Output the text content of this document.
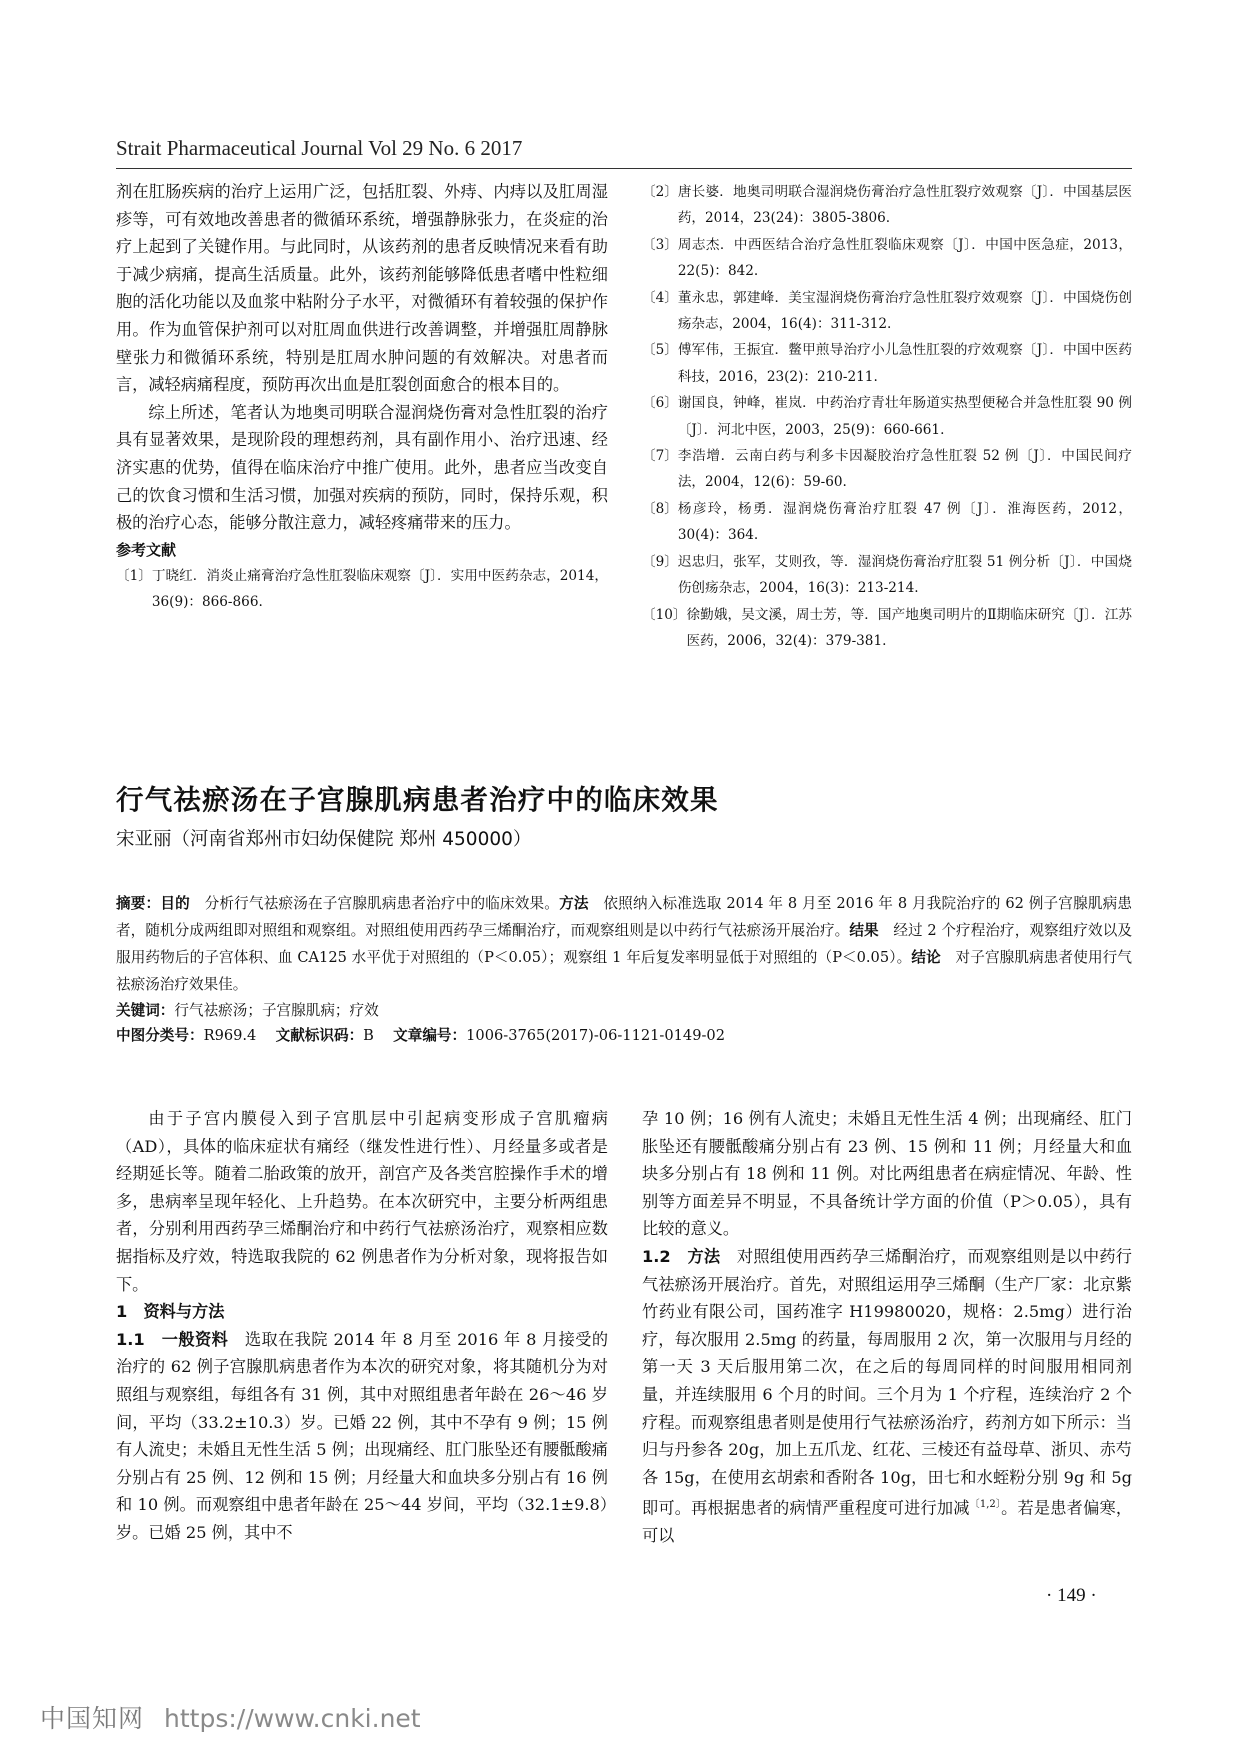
Strait Pharmaceutical Journal Vol 29 No. 6 2017

剂在肛肠疾病的治疗上运用广泛，包括肛裂、外痔、内痔以及肛周湿疹等，可有效地改善患者的微循环系统，增强静脉张力，在炎症的治疗上起到了关键作用。与此同时，从该药剂的患者反映情况来看有助于减少病痛，提高生活质量。此外，该药剂能够降低患者嗜中性粒细胞的活化功能以及血浆中粘附分子水平，对微循环有着较强的保护作用。作为血管保护剂可以对肛周血供进行改善调整，并增强肛周静脉壁张力和微循环系统，特别是肛周水肿问题的有效解决。对患者而言，减轻病痛程度，预防再次出血是肛裂创面愈合的根本目的。

综上所述，笔者认为地奥司明联合湿润烧伤膏对急性肛裂的治疗具有显著效果，是现阶段的理想药剂，具有副作用小、治疗迅速、经济实惠的优势，值得在临床治疗中推广使用。此外，患者应当改变自己的饮食习惯和生活习惯，加强对疾病的预防，同时，保持乐观，积极的治疗心态，能够分散注意力，减轻疼痛带来的压力。

参考文献
〔1〕 丁晓红．消炎止痛膏治疗急性肛裂临床观察〔J〕．实用中医药杂志，2014，36(9)：866-866.
〔2〕 唐长婆．地奥司明联合湿润烧伤膏治疗急性肛裂疗效观察〔J〕．中国基层医药，2014，23(24)：3805-3806.
〔3〕 周志杰．中西医结合治疗急性肛裂临床观察〔J〕．中国中医急症，2013，22(5)：842.
〔4〕 董永忠，郭建峰．美宝湿润烧伤膏治疗急性肛裂疗效观察〔J〕．中国烧伤创疡杂志，2004，16(4)：311-312.
〔5〕 傅军伟，王振宜．鳖甲煎导治疗小儿急性肛裂的疗效观察〔J〕．中国中医药科技，2016，23(2)：210-211.
〔6〕 谢国良，钟峰，崔岚．中药治疗青壮年肠道实热型便秘合并急性肛裂 90 例〔J〕．河北中医，2003，25(9)：660-661.
〔7〕 李浩增．云南白药与利多卡因凝胶治疗急性肛裂 52 例〔J〕．中国民间疗法，2004，12(6)：59-60.
〔8〕 杨彦玲，杨勇．湿润烧伤膏治疗肛裂 47 例〔J〕．淮海医药，2012，30(4)：364.
〔9〕 迟忠归，张军，艾则孜，等．湿润烧伤膏治疗肛裂 51 例分析〔J〕．中国烧伤创疡杂志，2004，16(3)：213-214.
〔10〕 徐勤娥，吴文溪，周士芳，等．国产地奥司明片的Ⅱ期临床研究〔J〕．江苏医药，2006，32(4)：379-381.
行气祛瘀汤在子宫腺肌病患者治疗中的临床效果
宋亚丽（河南省郑州市妇幼保健院 郑州 450000）
摘要：目的　 分析行气祛瘀汤在子宫腺肌病患者治疗中的临床效果。方法　 依照纳入标准选取 2014 年 8 月至 2016 年 8 月我院治疗的 62 例子宫腺肌病患者，随机分成两组即对照组和观察组。对照组使用西药孕三烯酮治疗，而观察组则是以中药行气祛瘀汤开展治疗。结果　 经过 2 个疗程治疗，观察组疗效以及服用药物后的子宫体积、血 CA125 水平优于对照组的（P＜0.05）；观察组 1 年后复发率明显低于对照组的（P＜0.05）。结论　 对子宫腺肌病患者使用行气祛瘀汤治疗效果佳。
关键词：行气祛瘀汤；子宫腺肌病；疗效
中图分类号：R969.4　 文献标识码：B　 文章编号：1006-3765(2017)-06-1121-0149-02

由于子宫内膜侵入到子宫肌层中引起病变形成子宫肌瘤病（AD），具体的临床症状有痛经（继发性进行性）、月经量多或者是经期延长等。随着二胎政策的放开，剖宫产及各类宫腔操作手术的增多，患病率呈现年轻化、上升趋势。在本次研究中，主要分析两组患者，分别利用西药孕三烯酮治疗和中药行气祛瘀汤治疗，观察相应数据指标及疗效，特选取我院的 62 例患者作为分析对象，现将报告如下。

1　资料与方法

1.1　一般资料　 选取在我院 2014 年 8 月至 2016 年 8 月接受的治疗的 62 例子宫腺肌病患者作为本次的研究对象，将其随机分为对照组与观察组，每组各有 31 例，其中对照组患者年龄在 26～46 岁间，平均（33.2±10.3）岁。已婚 22 例，其中不孕有 9 例；15 例有人流史；未婚且无性生活 5 例；出现痛经、肛门胀坠还有腰骶酸痛分别占有 25 例、12 例和 15 例；月经量大和血块多分别占有 16 例和 10 例。而观察组中患者年龄在 25～44 岁间，平均（32.1±9.8）岁。已婚 25 例，其中不

孕 10 例；16 例有人流史；未婚且无性生活 4 例；出现痛经、肛门胀坠还有腰骶酸痛分别占有 23 例、15 例和 11 例；月经量大和血块多分别占有 18 例和 11 例。对比两组患者在病症情况、年龄、性别等方面差异不明显，不具备统计学方面的价值（P＞0.05），具有比较的意义。

1.2　方法　 对照组使用西药孕三烯酮治疗，而观察组则是以中药行气祛瘀汤开展治疗。首先，对照组运用孕三烯酮（生产厂家：北京紫竹药业有限公司，国药准字 H19980020，规格：2.5mg）进行治疗，每次服用 2.5mg 的药量，每周服用 2 次，第一次服用与月经的第一天 3 天后服用第二次，在之后的每周同样的时间服用相同剂量，并连续服用 6 个月的时间。三个月为 1 个疗程，连续治疗 2 个疗程。而观察组患者则是使用行气祛瘀汤治疗，药剂方如下所示：当归与丹参各 20g，加上五爪龙、红花、三棱还有益母草、浙贝、赤芍各 15g，在使用玄胡索和香附各 10g，田七和水蛭粉分别 9g 和 5g 即可。再根据患者的病情严重程度可进行加减$^{〔1,2〕}$。若是患者偏寒，可以

· 149 ·
中国知网 https://www.cnki.net
